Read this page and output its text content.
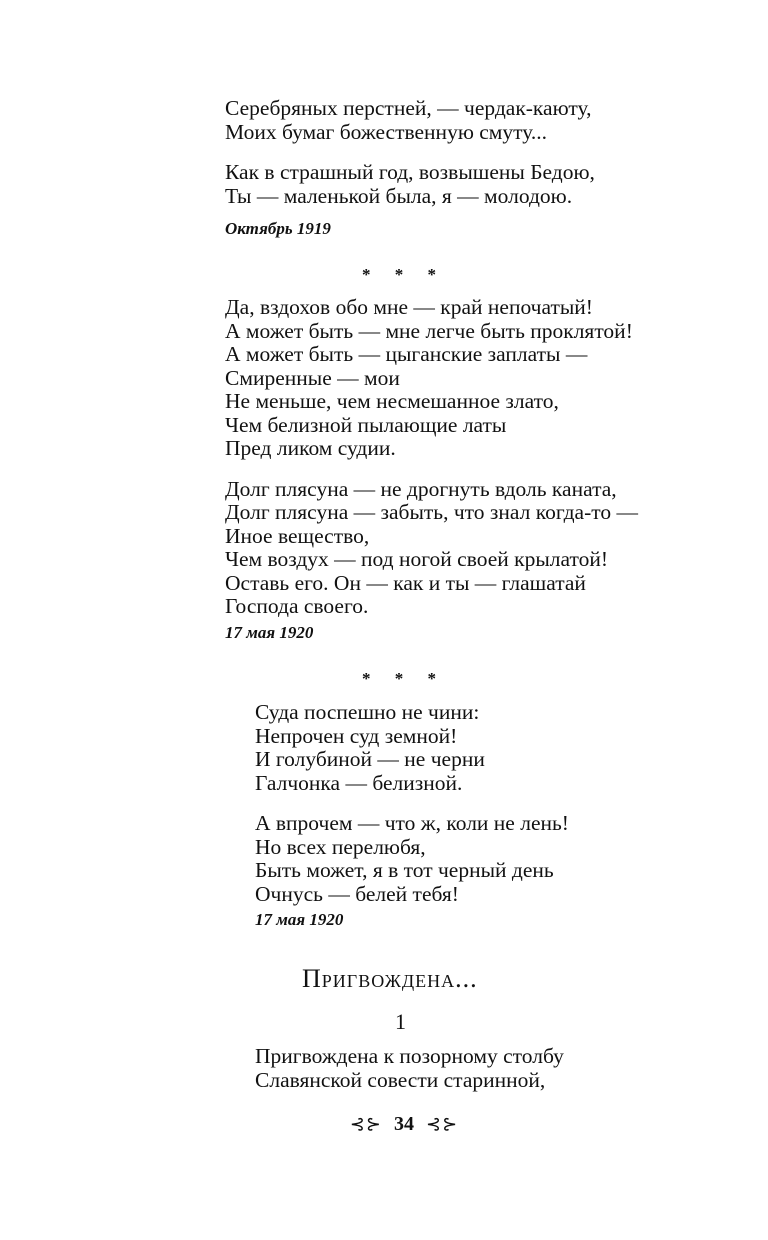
Серебряных перстней, — чердак-каюту,
Моих бумаг божественную смуту...
Как в страшный год, возвышены Бедою,
Ты — маленькой была, я — молодою.
Октябрь 1919
* * *
Да, вздохов обо мне — край непочатый!
А может быть — мне легче быть проклятой!
А может быть — цыганские заплаты —
Смиренные — мои
Не меньше, чем несмешанное злато,
Чем белизной пылающие латы
Пред ликом судии.
Долг плясуна — не дрогнуть вдоль каната,
Долг плясуна — забыть, что знал когда-то —
Иное вещество,
Чем воздух — под ногой своей крылатой!
Оставь его. Он — как и ты — глашатай
Господа своего.
17 мая 1920
* * *
Суда поспешно не чини:
Непрочен суд земной!
И голубиной — не черни
Галчонка — белизной.
А впрочем — что ж, коли не лень!
Но всех перелюбя,
Быть может, я в тот черный день
Очнусь — белей тебя!
17 мая 1920
Пригвождена...
1
Пригвождена к позорному столбу
Славянской совести старинной,
⊰⊱ 34 ⊰⊱
